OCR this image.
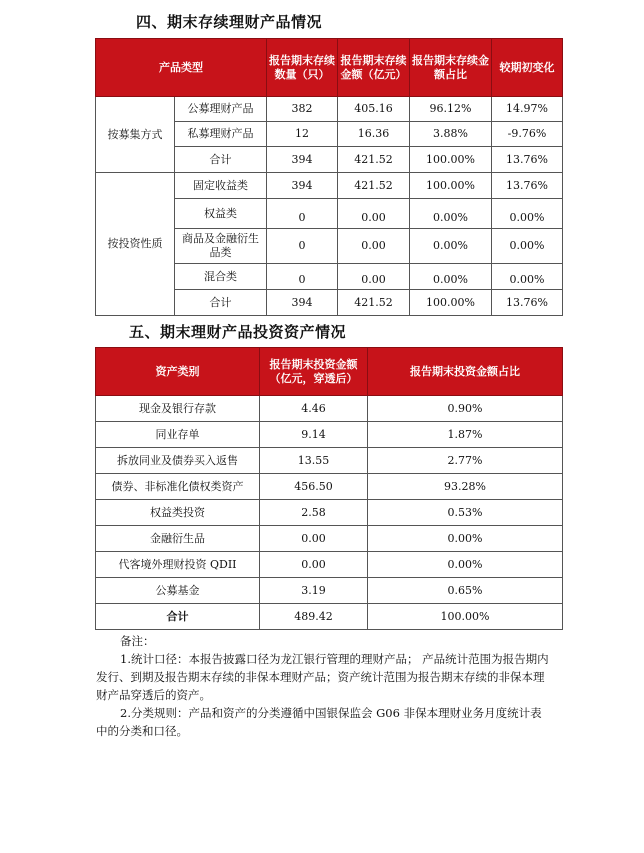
四、期末存续理财产品情况
产品类型		报告期末存续数量（只）	报告期末存续金额（亿元）	报告期末存续金额占比	较期初变化
按募集方式	公募理财产品	382	405.16	96.12%	14.97%
	私募理财产品	12	16.36	3.88%	-9.76%
	合计	394	421.52	100.00%	13.76%
按投资性质	固定收益类	394	421.52	100.00%	13.76%
	权益类	0	0.00	0.00%	0.00%
	商品及金融衍生品类	0	0.00	0.00%	0.00%
	混合类	0	0.00	0.00%	0.00%
	合计	394	421.52	100.00%	13.76%
五、期末理财产品投资资产情况
资产类别	报告期末投资金额（亿元，穿透后）	报告期末投资金额占比
现金及银行存款	4.46	0.90%
同业存单	9.14	1.87%
拆放同业及债券买入返售	13.55	2.77%
债券、非标准化债权类资产	456.50	93.28%
权益类投资	2.58	0.53%
金融衍生品	0.00	0.00%
代客境外理财投资 QDII	0.00	0.00%
公募基金	3.19	0.65%
合计	489.42	100.00%

备注：

1.统计口径：本报告披露口径为龙江银行管理的理财产品； 产品统计范围为报告期内发行、到期及报告期末存续的非保本理财产品；资产统计范围为报告期末存续的非保本理财产品穿透后的资产。

2.分类规则：产品和资产的分类遵循中国银保监会 G06 非保本理财业务月度统计表中的分类和口径。
